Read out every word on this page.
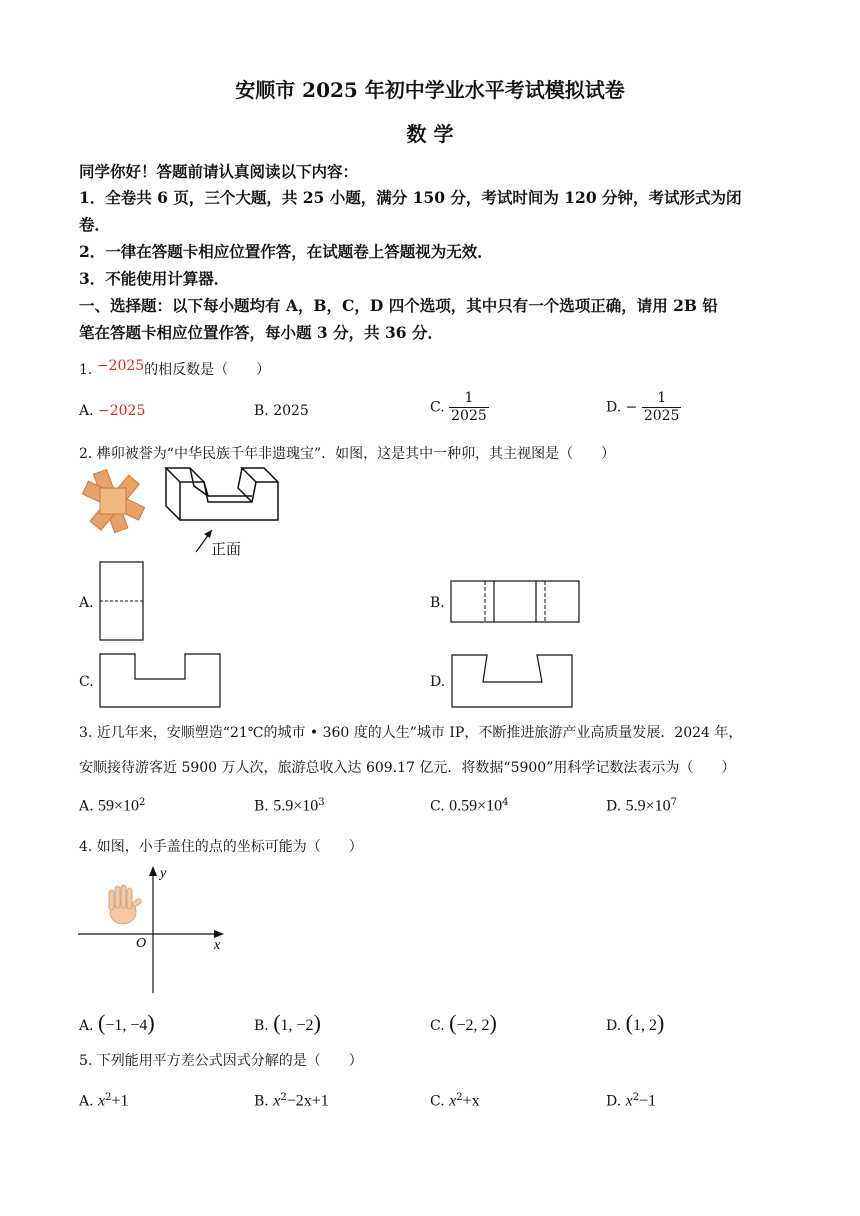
安顺市 2025 年初中学业水平考试模拟试卷
数 学
同学你好！答题前请认真阅读以下内容：
1．全卷共 6 页，三个大题，共 25 小题，满分 150 分，考试时间为 120 分钟，考试形式为闭
卷．
2．一律在答题卡相应位置作答，在试题卷上答题视为无效．
3．不能使用计算器．
一、选择题：以下每小题均有 A，B，C，D 四个选项，其中只有一个选项正确，请用 2B 铅
笔在答题卡相应位置作答，每小题 3 分，共 36 分．
1. −2025的相反数是（　　）
A. −2025	B. 2025	C. $\frac{1}{2025}$	D. − $\frac{1}{2025}$
2. 榫卯被誉为“中华民族千年非遗瑰宝”．如图，这是其中一种卯，其主视图是（　　）
正面
A.	B.
C.	D.
3. 近几年来，安顺塑造“21℃的城市 • 360 度的人生”城市 IP，不断推进旅游产业高质量发展．2024 年，
安顺接待游客近 5900 万人次，旅游总收入达 609.17 亿元．将数据“5900”用科学记数法表示为（　　）
A. $59\times 10^2$	B. $5.9\times 10^3$	C. $0.59\times 10^4$	D. $5.9\times 10^7$
4. 如图，小手盖住的点的坐标可能为（　　）
y
x
O
A. (−1, −4)	B. (1, −2)	C. (−2, 2)	D. (1, 2)
5. 下列能用平方差公式因式分解的是（　　）
A. $x^2+1$	B. $x^2-2x+1$	C. $x^2+x$	D. $x^2-1$
